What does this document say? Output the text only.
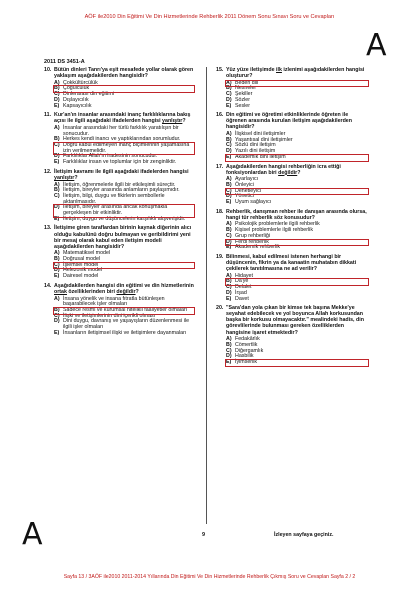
AÖF ile2010 Din Eğitimi Ve Din Hizmetlerinde Rehberlik 2011 Dönem Sonu Sınavı Soru ve Cevapları
A
2011 DS 3451-A
10. Bütün dinleri Tanrı'ya eşit mesafede yollar olarak gören yaklaşım aşağıdakilerden hangisidir?
A) Çokkültürcülük
B) Çoğulculuk
C) Dinlerarası din eğitimi
D) Dışlayıcılık
E) Kapsayıcılık
11. Kur'an'ın insanlar arasındaki inanç farklılıklarına bakış açısı ile ilgili aşağıdaki ifadelerden hangisi yanlıştır?
A) İnsanlar arasındaki her türlü farklılık yaratılışın bir sonucudur.
B) Herkes kendi inancı ve yaptıklarından sorumludur.
C) Doğru kabul edilmeyen inanç biçimlerinin yaşamasına izin verilmemelidir.
D) Farklılıklar Allah'ın iradesinin sonucudur.
E) Farklılıklar insan ve toplumlar için bir zenginliktir.
12. İletişim kavramı ile ilgili aşağıdaki ifadelerden hangisi yanlıştır?
A) İletişim, öğrenmelerle ilgili bir etkileşimli süreçtir.
B) İletişim, bireyler arasında anlamların paylaşımıdır.
C) İletişim, bilgi, duygu ve fikirlerin sembollerle aktarılmasıdır.
D) İletişim, bireyler arasında ancak konuşmakla gerçekleşen bir etkinliktir.
E) İletişim, duygu ve düşüncelerin karşılıklı alışverişidir.
13. İletişime giren taraflardan birinin kaynak diğerinin alıcı olduğu kabulünü doğru bulmayan ve geribildirimi yeni bir mesaj olarak kabul eden iletişim modeli aşağıdakilerden hangisidir?
A) Matematiksel model
B) Doğrusal model
C) İşlemsel model
D) Helezonik model
E) Dairesel model
14. Aşağıdakilerden hangisi din eğitimi ve din hizmetlerinin ortak özelliklerinden biri değildir?
A) İnsana yönelik ve insana fıtratla bütünleşen başarabilecek işler olmaları
B) Sadece resmi ve kurumsal nitelikli faaliyetler olmaları
C) İlişki ve iletişimlerinin dini içerikli olması
D) Dini duygu, davranış ve yaşayışların düzenlenmesi ile ilgili işler olmaları
E) İnsanların iletişimsel ilişki ve iletişimlere dayanmaları
15. Yüz yüze iletişimde ilk izlenimi aşağıdakilerden hangisi oluşturur?
A) Beden dili
B) Nesneler
C) Şekiller
D) Sözler
E) Sesler
16. Din eğitimi ve öğretimi etkinliklerinde öğreten ile öğrenen arasında kurulan iletişim aşağıdakilerden hangisidir?
A) İlişkisel dini iletişimler
B) Yaşantısal dini iletişimler
C) Sözlü dini iletişim
D) Yazılı dini iletişim
E) Akademik dini iletişim
17. Aşağıdakilerden hangisi rehberliğin icra ettiği fonksiyonlardan biri değildir?
A) Ayarlayıcı
B) Önleyici
C) Denetleyici
D) Yönetici
E) Uyum sağlayıcı
18. Rehberlik, danışman rehber ile danışan arasında olursa, hangi tür rehberlik söz konusudur?
A) Psikolojik problemlerle ilgili rehberlik
B) Kişisel problemlerle ilgili rehberlik
C) Grup rehberliği
D) Ferdi rehberlik
E) Akademik rehberlik
19. Bilinmesi, kabul edilmesi istenen herhangi bir düşüncenin, fikrin ya da kanaatin muhatabın dikkati çekilerek tanıtılmasına ne ad verilir?
A) Hidayet
B) Dâ'ye
C) Delalet
D) İrşad
E) Davet
20. "Sara'dan yola çıkan bir kimse tek başına Mekke'ye seyahat edebilecek ve yol boyunca Allah korkusundan başka bir korkusu olmayacaktır." mealindeki hadis, din görevlilerinde bulunması gereken özelliklerden hangisine işaret etmektedir?
A) Fedakârlık
B) Cömertlik
C) Diğergamlık
D) Hasbilik
E) İyimserlik
9	İzleyen sayfaya geçiniz.
A
Sayfa 13 / 3AÖF ile2010 2011-2014 Yıllarında Din Eğitimi Ve Din Hizmetlerinde Rehberlik Çıkmış Soru ve Cevaplan Sayfa 2 / 2
